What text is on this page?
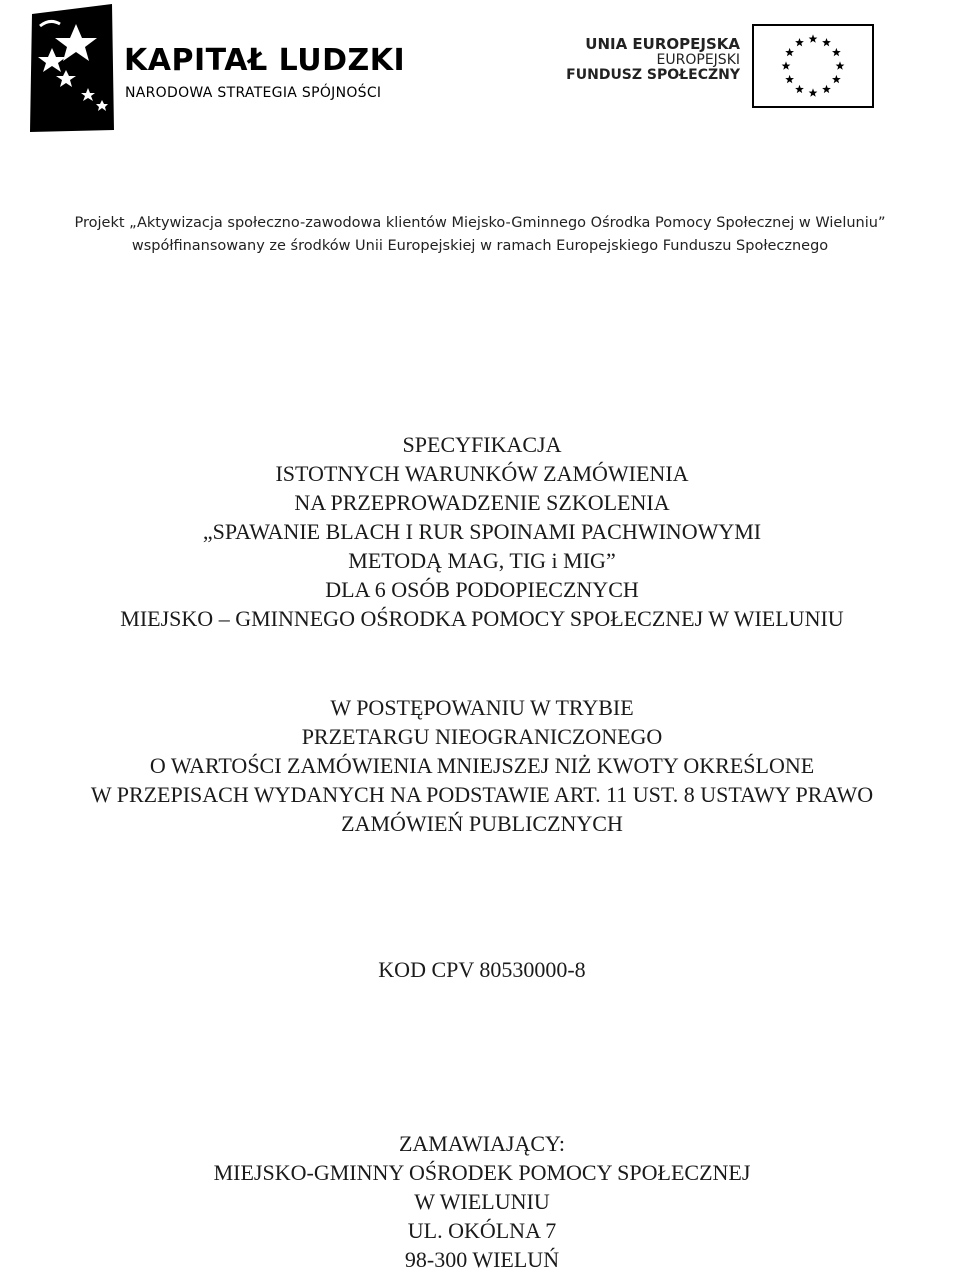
KAPITAŁ LUDZKI
NARODOWA STRATEGIA SPÓJNOŚCI
UNIA EUROPEJSKA
EUROPEJSKI
FUNDUSZ SPOŁECZNY
Projekt „Aktywizacja społeczno-zawodowa klientów Miejsko-Gminnego Ośrodka Pomocy Społecznej w Wieluniu”
współfinansowany ze środków Unii Europejskiej w ramach Europejskiego Funduszu Społecznego
SPECYFIKACJA
ISTOTNYCH WARUNKÓW ZAMÓWIENIA
NA PRZEPROWADZENIE SZKOLENIA
„SPAWANIE BLACH I RUR SPOINAMI PACHWINOWYMI
METODĄ MAG, TIG i MIG”
DLA 6 OSÓB PODOPIECZNYCH
MIEJSKO – GMINNEGO OŚRODKA POMOCY SPOŁECZNEJ W WIELUNIU
W POSTĘPOWANIU W TRYBIE
PRZETARGU NIEOGRANICZONEGO
O WARTOŚCI ZAMÓWIENIA MNIEJSZEJ NIŻ KWOTY OKREŚLONE
W PRZEPISACH WYDANYCH NA PODSTAWIE ART. 11 UST. 8 USTAWY PRAWO
ZAMÓWIEŃ PUBLICZNYCH
KOD CPV 80530000-8
ZAMAWIAJĄCY:
MIEJSKO-GMINNY OŚRODEK POMOCY SPOŁECZNEJ
W WIELUNIU
UL. OKÓLNA 7
98-300 WIELUŃ
